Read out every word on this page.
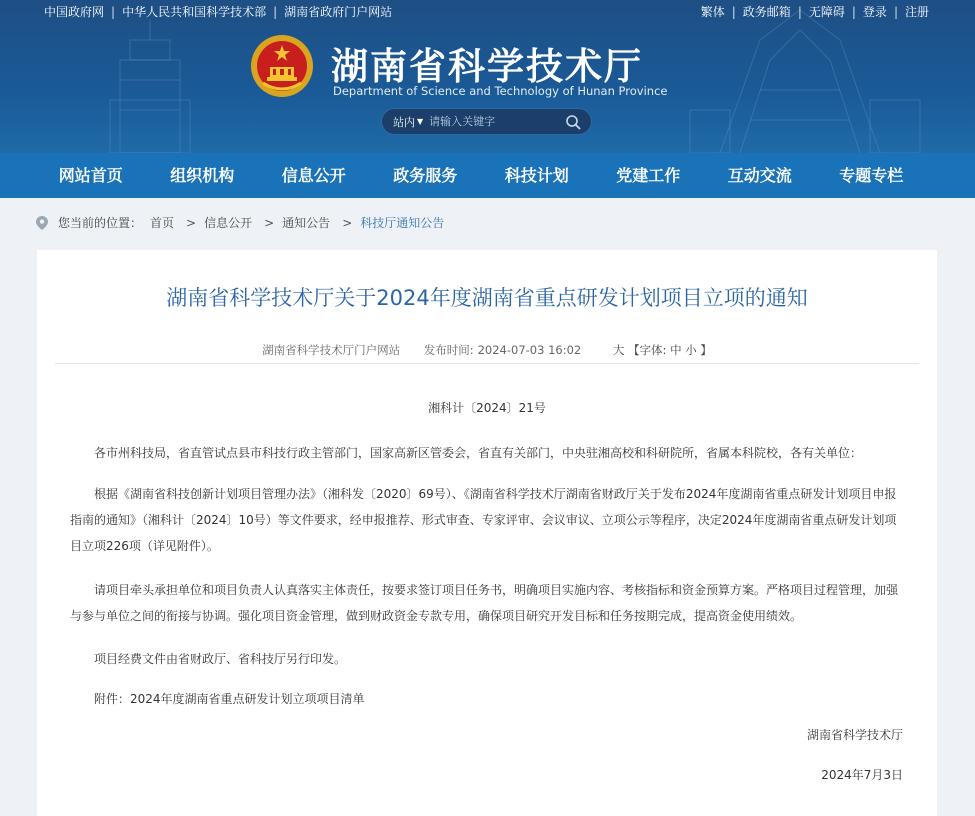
中国政府网 | 中华人民共和国科学技术部 | 湖南省政府门户网站	繁体 | 政务邮箱 | 无障碍 | 登录 | 注册
湖南省科学技术厅
Department of Science and Technology of Hunan Province
站内 ▼
请输入关键字
网站首页	组织机构	信息公开	政务服务	科技计划	党建工作	互动交流	专题专栏
您当前的位置： 首页 > 信息公开 > 通知公告 > 科技厅通知公告
湖南省科学技术厅关于2024年度湖南省重点研发计划项目立项的通知
湖南省科学技术厅门户网站 发布时间: 2024-07-03 16:02	大 【字体: 中 小 】
湘科计〔2024〕21号
各市州科技局，省直管试点县市科技行政主管部门，国家高新区管委会，省直有关部门，中央驻湘高校和科研院所，省属本科院校，各有关单位：
根据《湖南省科技创新计划项目管理办法》（湘科发〔2020〕69号）、《湖南省科学技术厅湖南省财政厅关于发布2024年度湖南省重点研发计划项目申报指南的通知》（湘科计〔2024〕10号）等文件要求，经申报推荐、形式审查、专家评审、会议审议、立项公示等程序，决定2024年度湖南省重点研发计划项目立项226项（详见附件）。
请项目牵头承担单位和项目负责人认真落实主体责任，按要求签订项目任务书，明确项目实施内容、考核指标和资金预算方案。严格项目过程管理，加强与参与单位之间的衔接与协调。强化项目资金管理，做到财政资金专款专用，确保项目研究开发目标和任务按期完成，提高资金使用绩效。
项目经费文件由省财政厅、省科技厅另行印发。
附件：2024年度湖南省重点研发计划立项项目清单
湖南省科学技术厅
2024年7月3日
